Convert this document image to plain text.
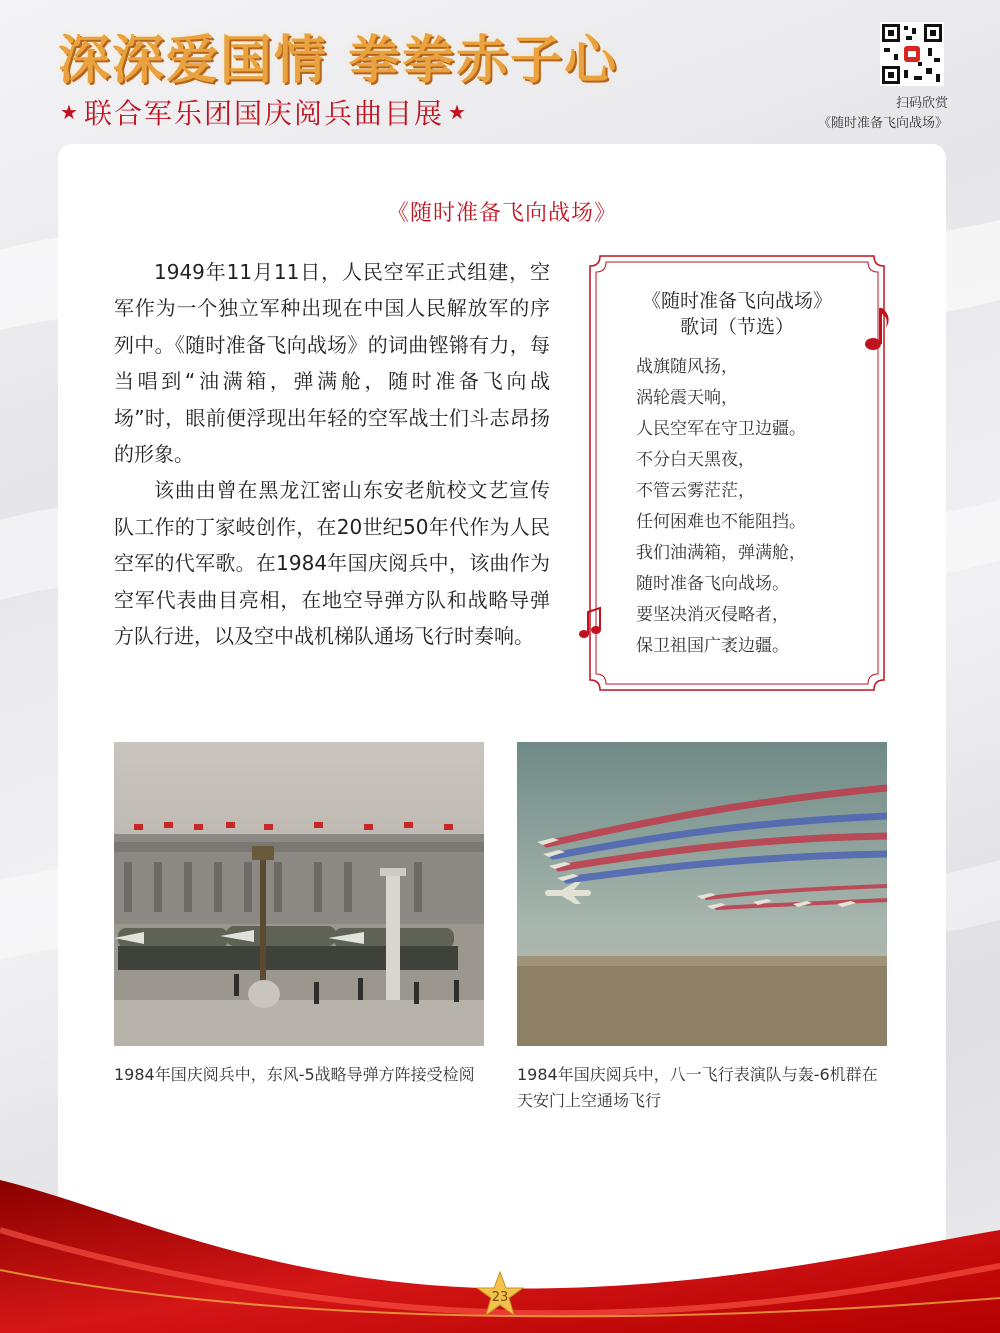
深深爱国情 拳拳赤子心
★ 联合军乐团国庆阅兵曲目展 ★	扫码欣赏
《随时准备飞向战场》
《随时准备飞向战场》

1949年11月11日，人民空军正式组建，空军作为一个独立军种出现在中国人民解放军的序列中。《随时准备飞向战场》的词曲铿锵有力，每当唱到“油满箱，弹满舱，随时准备飞向战场”时，眼前便浮现出年轻的空军战士们斗志昂扬的形象。

该曲由曾在黑龙江密山东安老航校文艺宣传队工作的丁家岐创作，在20世纪50年代作为人民空军的代军歌。在1984年国庆阅兵中，该曲作为空军代表曲目亮相，在地空导弹方队和战略导弹方队行进，以及空中战机梯队通场飞行时奏响。

《随时准备飞向战场》
歌词（节选）
战旗随风扬，
涡轮震天响，
人民空军在守卫边疆。
不分白天黑夜，
不管云雾茫茫，
任何困难也不能阻挡。
我们油满箱，弹满舱，
随时准备飞向战场。
要坚决消灭侵略者，
保卫祖国广袤边疆。
1984年国庆阅兵中，东风-5战略导弹方阵接受检阅	1984年国庆阅兵中，八一飞行表演队与轰-6机群在天安门上空通场飞行
23
